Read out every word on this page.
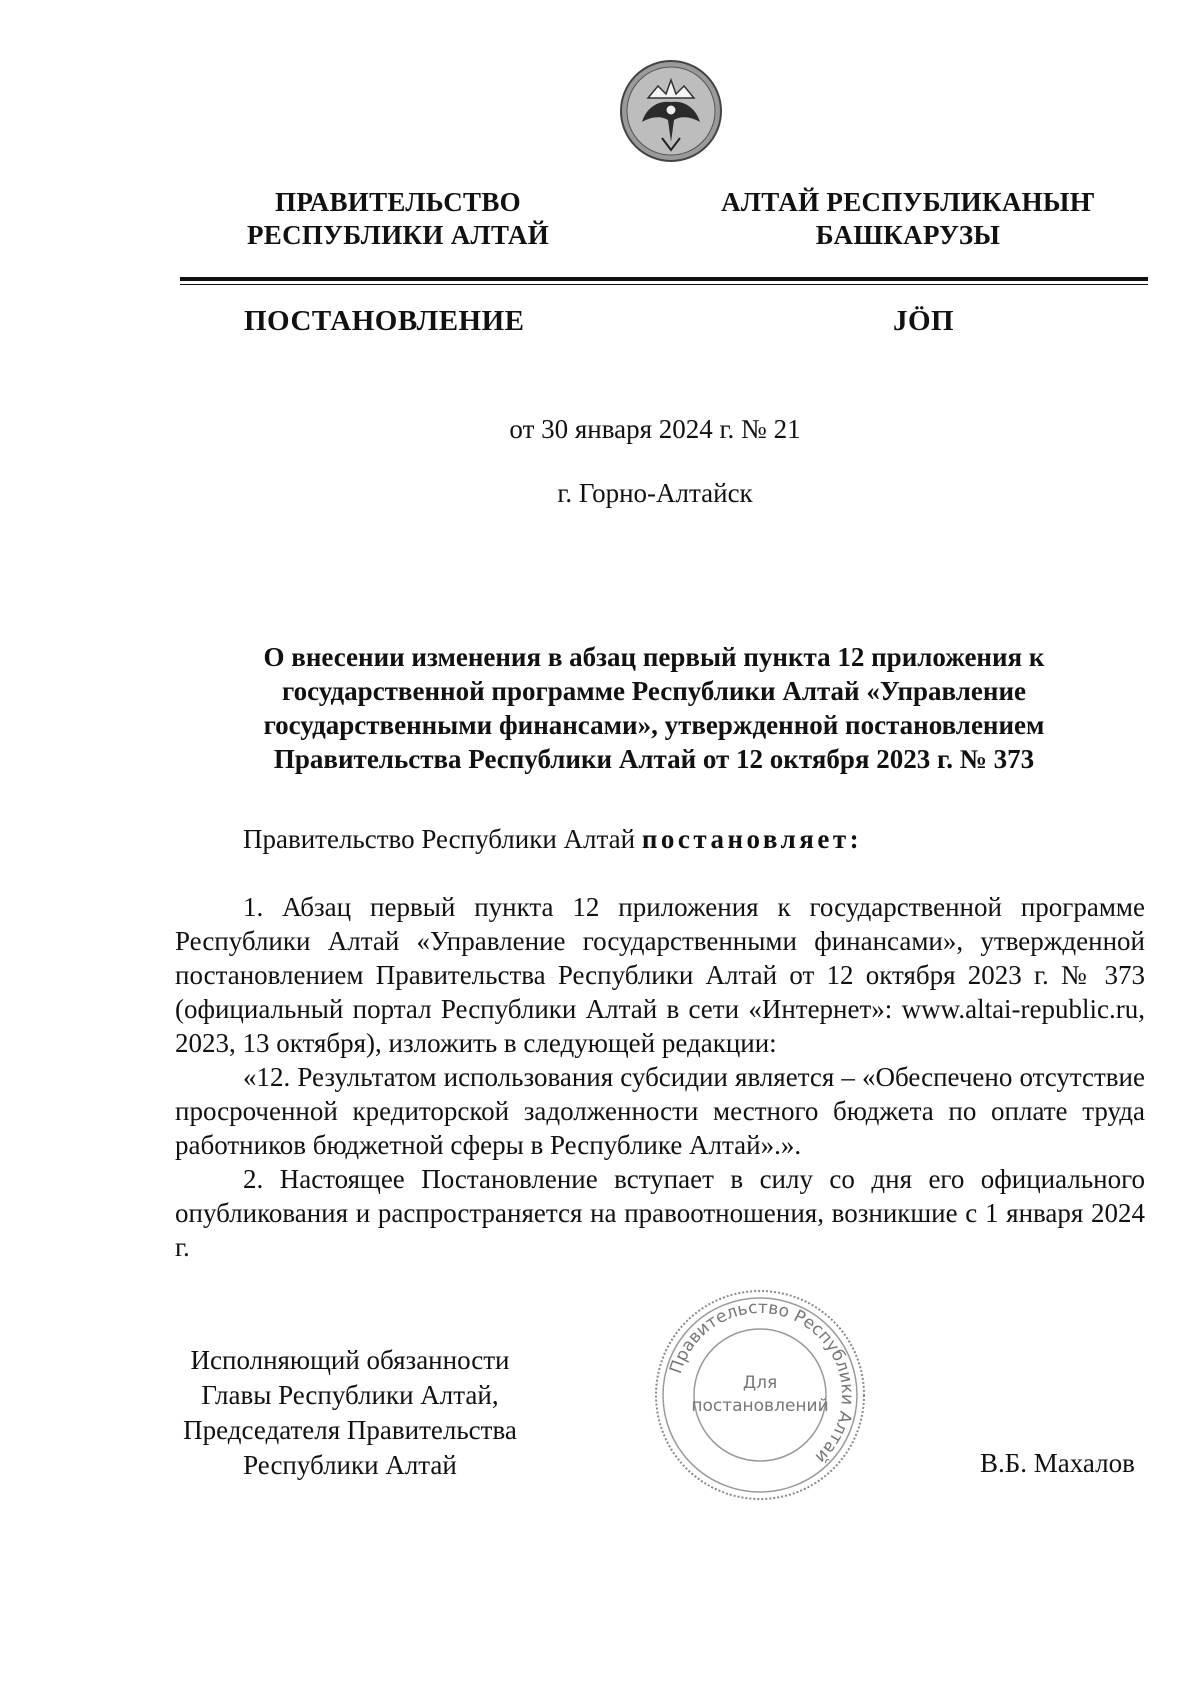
ПРАВИТЕЛЬСТВО
РЕСПУБЛИКИ АЛТАЙ
АЛТАЙ РЕСПУБЛИКАНЫҤ
БАШКАРУЗЫ
ПОСТАНОВЛЕНИЕ	JÖП
от 30 января 2024 г. № 21
г. Горно-Алтайск
О внесении изменения в абзац первый пункта 12 приложения к
государственной программе Республики Алтай «Управление
государственными финансами», утвержденной постановлением
Правительства Республики Алтай от 12 октября 2023 г. № 373

Правительство Республики Алтай постановляет:

1. Абзац первый пункта 12 приложения к государственной программе Республики Алтай «Управление государственными финансами», утвержденной постановлением Правительства Республики Алтай от 12 октября 2023 г. № 373 (официальный портал Республики Алтай в сети «Интернет»: www.altai-republic.ru, 2023, 13 октября), изложить в следующей редакции:

«12. Результатом использования субсидии является – «Обеспечено отсутствие просроченной кредиторской задолженности местного бюджета по оплате труда работников бюджетной сферы в Республике Алтай».».

2. Настоящее Постановление вступает в силу со дня его официального опубликования и распространяется на правоотношения, возникшие с 1 января 2024 г.

Исполняющий обязанности
Главы Республики Алтай,
Председателя Правительства
Республики Алтай
Правительство Республики Алтай
Для
постановлений
В.Б. Махалов
